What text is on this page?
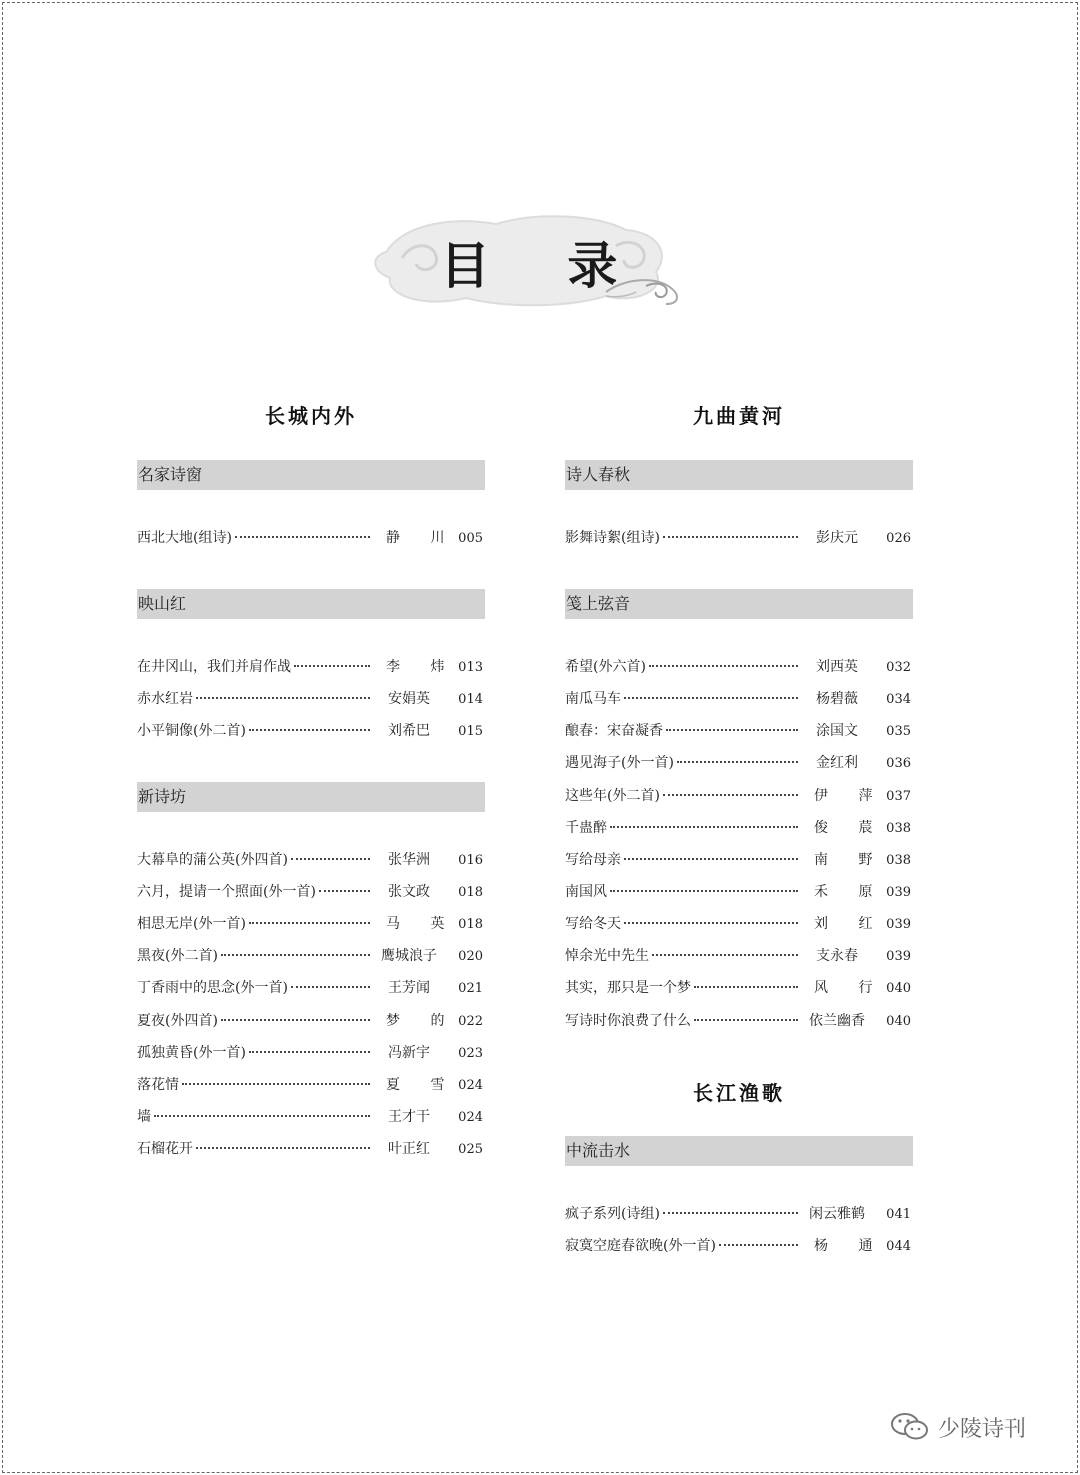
目 录
长城内外
名家诗窗
西北大地(组诗)	静 川 005
映山红
在井冈山，我们并肩作战	李 炜 013
赤水红岩	安娟英	014
小平铜像(外二首)	刘希巴	015
新诗坊
大幕阜的蒲公英(外四首)	张华洲	016
六月，提请一个照面(外一首)	张文政	018
相思无岸(外一首)	马 英 018
黑夜(外二首)	鹰城浪子	020
丁香雨中的思念(外一首)	王芳闻	021
夏夜(外四首)	梦 的 022
孤独黄昏(外一首)	冯新宇	023
落花情	夏 雪 024
墙	王才干	024
石榴花开	叶正红	025
九曲黄河
诗人春秋
影舞诗絮(组诗)	彭庆元	026
笺上弦音
希望(外六首)	刘西英	032
南瓜马车	杨碧薇	034
酿春：宋奋凝香	涂国文	035
遇见海子(外一首)	金红利	036
这些年(外二首)	伊 萍 037
千蛊醉	俊 莀 038
写给母亲	南 野 038
南国风	禾 原 039
写给冬天	刘 红 039
悼余光中先生	支永春	039
其实，那只是一个梦	风 行 040
写诗时你浪费了什么	依兰幽香	040
长江渔歌
中流击水
疯子系列(诗组)	闲云雅鹤	041
寂寞空庭春欲晚(外一首)	杨 通 044
少陵诗刊
